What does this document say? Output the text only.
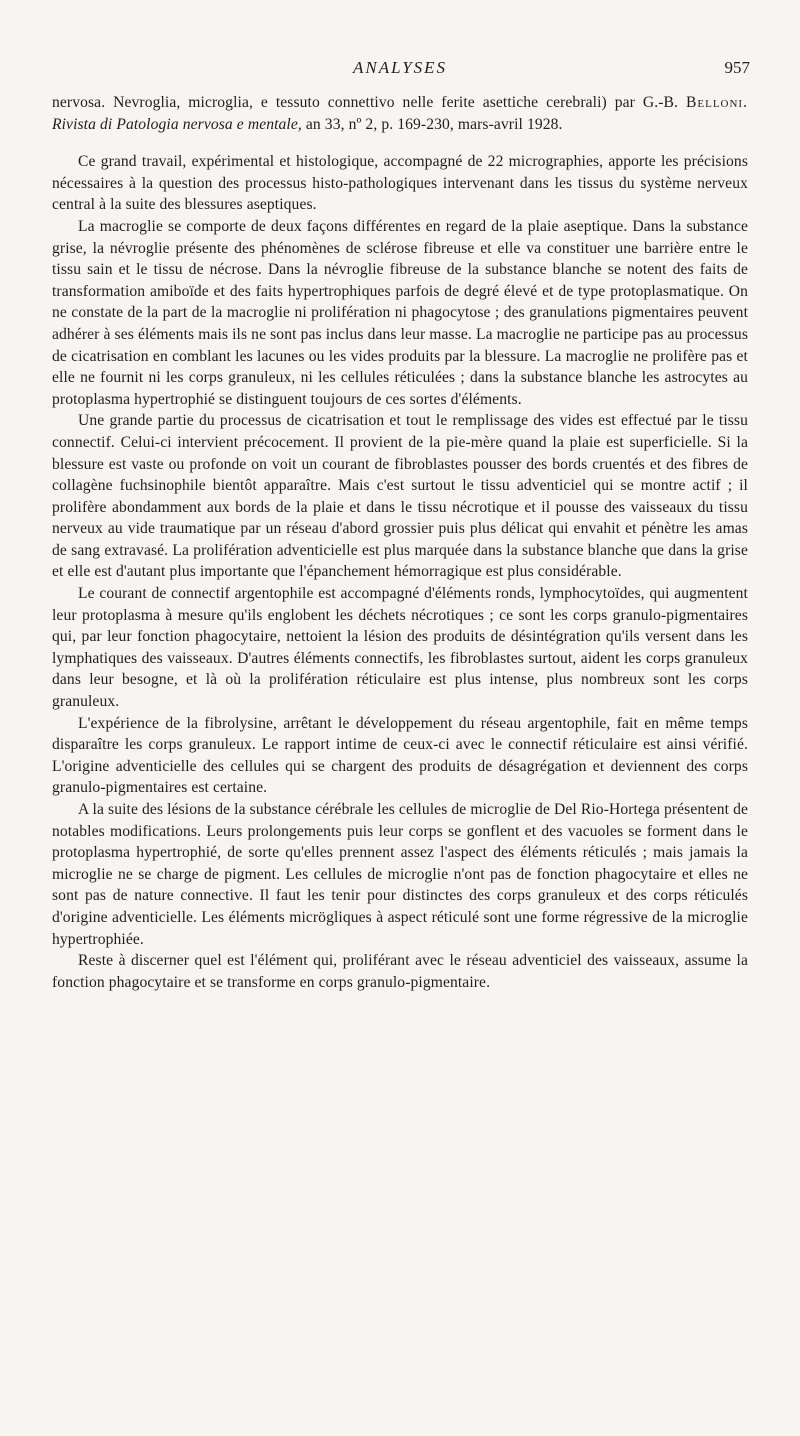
ANALYSES	957

nervosa. Nevroglia, microglia, e tessuto connettivo nelle ferite asettiche cerebrali) par G.-B. Belloni. Rivista di Patologia nervosa e mentale, an 33, nº 2, p. 169-230, mars-avril 1928.

Ce grand travail, expérimental et histologique, accompagné de 22 micrographies, apporte les précisions nécessaires à la question des processus histo-pathologiques intervenant dans les tissus du système nerveux central à la suite des blessures aseptiques.

La macroglie se comporte de deux façons différentes en regard de la plaie aseptique. Dans la substance grise, la névroglie présente des phénomènes de sclérose fibreuse et elle va constituer une barrière entre le tissu sain et le tissu de nécrose. Dans la névroglie fibreuse de la substance blanche se notent des faits de transformation amiboïde et des faits hypertrophiques parfois de degré élevé et de type protoplasmatique. On ne constate de la part de la macroglie ni prolifération ni phagocytose ; des granulations pigmentaires peuvent adhérer à ses éléments mais ils ne sont pas inclus dans leur masse. La macroglie ne participe pas au processus de cicatrisation en comblant les lacunes ou les vides produits par la blessure. La macroglie ne prolifère pas et elle ne fournit ni les corps granuleux, ni les cellules réticulées ; dans la substance blanche les astrocytes au protoplasma hypertrophié se distinguent toujours de ces sortes d'éléments.

Une grande partie du processus de cicatrisation et tout le remplissage des vides est effectué par le tissu connectif. Celui-ci intervient précocement. Il provient de la pie-mère quand la plaie est superficielle. Si la blessure est vaste ou profonde on voit un courant de fibroblastes pousser des bords cruentés et des fibres de collagène fuchsinophile bientôt apparaître. Mais c'est surtout le tissu adventiciel qui se montre actif ; il prolifère abondamment aux bords de la plaie et dans le tissu nécrotique et il pousse des vaisseaux du tissu nerveux au vide traumatique par un réseau d'abord grossier puis plus délicat qui envahit et pénètre les amas de sang extravasé. La prolifération adventicielle est plus marquée dans la substance blanche que dans la grise et elle est d'autant plus importante que l'épanchement hémorragique est plus considérable.

Le courant de connectif argentophile est accompagné d'éléments ronds, lymphocytoïdes, qui augmentent leur protoplasma à mesure qu'ils englobent les déchets nécrotiques ; ce sont les corps granulo-pigmentaires qui, par leur fonction phagocytaire, nettoient la lésion des produits de désintégration qu'ils versent dans les lymphatiques des vaisseaux. D'autres éléments connectifs, les fibroblastes surtout, aident les corps granuleux dans leur besogne, et là où la prolifération réticulaire est plus intense, plus nombreux sont les corps granuleux.

L'expérience de la fibrolysine, arrêtant le développement du réseau argentophile, fait en même temps disparaître les corps granuleux. Le rapport intime de ceux-ci avec le connectif réticulaire est ainsi vérifié. L'origine adventicielle des cellules qui se chargent des produits de désagrégation et deviennent des corps granulo-pigmentaires est certaine.

A la suite des lésions de la substance cérébrale les cellules de microglie de Del Rio-Hortega présentent de notables modifications. Leurs prolongements puis leur corps se gonflent et des vacuoles se forment dans le protoplasma hypertrophié, de sorte qu'elles prennent assez l'aspect des éléments réticulés ; mais jamais la microglie ne se charge de pigment. Les cellules de microglie n'ont pas de fonction phagocytaire et elles ne sont pas de nature connective. Il faut les tenir pour distinctes des corps granuleux et des corps réticulés d'origine adventicielle. Les éléments micrögliques à aspect réticulé sont une forme régressive de la microglie hypertrophiée.

Reste à discerner quel est l'élément qui, proliférant avec le réseau adventiciel des vaisseaux, assume la fonction phagocytaire et se transforme en corps granulo-pigmentaire.
